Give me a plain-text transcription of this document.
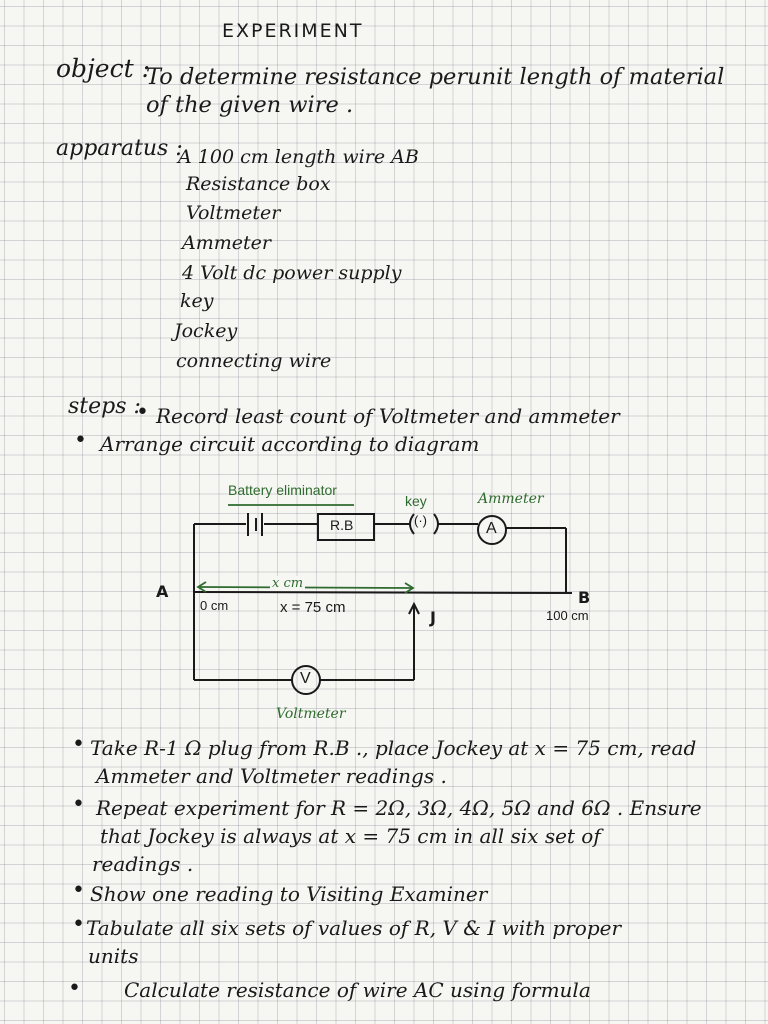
EXPERIMENT
object :
To determine resistance perunit length of material
of the given wire .
apparatus :
A 100 cm length wire AB
Resistance box
Voltmeter
Ammeter
4 Volt dc power supply
key
Jockey
connecting wire
steps :
• Record least count of Voltmeter and ammeter
• Arrange circuit according to diagram
Battery eliminator
R.B
key
(·)
Ammeter
A
A	B
100 cm
0 cm
x cm
x = 75 cm
J
V
Voltmeter
• Take R-1 Ω plug from R.B ., place Jockey at x = 75 cm, read
Ammeter and Voltmeter readings .
• Repeat experiment for R = 2Ω, 3Ω, 4Ω, 5Ω and 6Ω . Ensure
that Jockey is always at x = 75 cm in all six set of
readings .
• Show one reading to Visiting Examiner
• Tabulate all six sets of values of R, V & I with proper
units
• Calculate resistance of wire AC using formula
